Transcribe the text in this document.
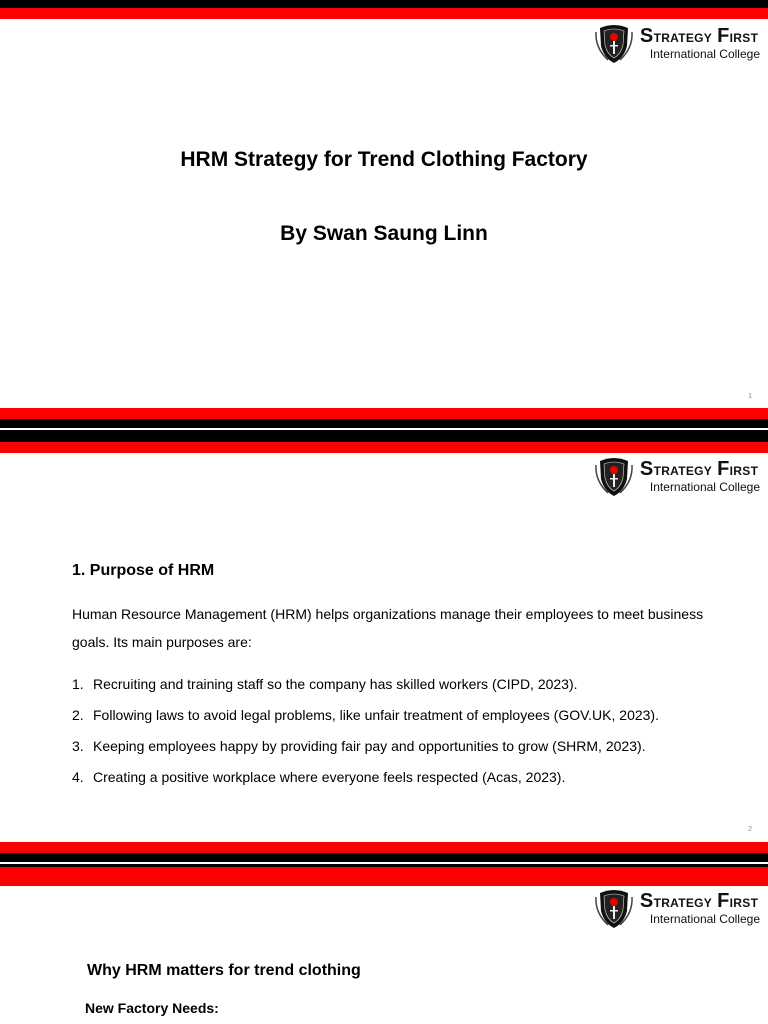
Strategy First
International College
HRM Strategy for Trend Clothing Factory
By Swan Saung Linn
1
Strategy First
International College
1. Purpose of HRM
Human Resource Management (HRM) helps organizations manage their employees to meet business goals. Its main purposes are:
1. Recruiting and training staff so the company has skilled workers (CIPD, 2023).
2. Following laws to avoid legal problems, like unfair treatment of employees (GOV.UK, 2023).
3. Keeping employees happy by providing fair pay and opportunities to grow (SHRM, 2023).
4. Creating a positive workplace where everyone feels respected (Acas, 2023).
2
Strategy First
International College
Why HRM matters for trend clothing
New Factory Needs:
